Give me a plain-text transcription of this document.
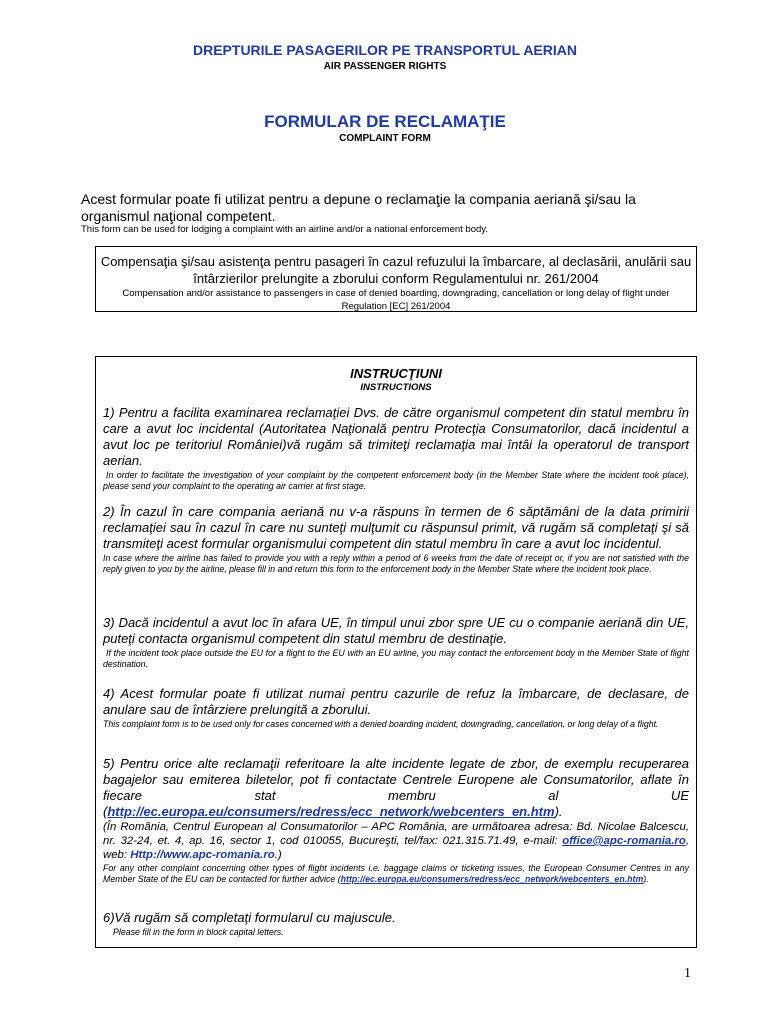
DREPTURILE PASAGERILOR PE TRANSPORTUL AERIAN
AIR PASSENGER RIGHTS
FORMULAR DE RECLAMAŢIE
COMPLAINT FORM
Acest formular poate fi utilizat pentru a depune o reclamaţie la compania aeriană şi/sau la organismul naţional competent.
This form can be used for lodging a complaint with an airline and/or a national enforcement body.
Compensaţia şi/sau asistenţa pentru pasageri în cazul refuzului la îmbarcare, al declasării, anulării sau întârzierilor prelungite a zborului conform Regulamentului nr. 261/2004
Compensation and/or assistance to passengers in case of denied boarding, downgrading, cancellation or long delay of flight under Regulation [EC] 261/2004
INSTRUCŢIUNI
INSTRUCTIONS
1) Pentru a facilita examinarea reclamaţiei Dvs. de către organismul competent din statul membru în care a avut loc incidental (Autoritatea Naţională pentru Protecţia Consumatorilor, dacă incidentul a avut loc pe teritoriul României)vă rugăm să trimiteţi reclamaţia mai întâi la operatorul de transport aerian.
In order to facilitate the investigation of your complaint by the competent enforcement body (in the Member State where the incident took place), please send your complaint to the operating air carrier at first stage.
2) În cazul în care compania aeriană nu v-a răspuns în termen de 6 săptămâni de la data primirii reclamaţiei sau în cazul în care nu sunteţi mulţumit cu răspunsul primit, vă rugăm să completaţi şi să transmiteţi acest formular organismului competent din statul membru în care a avut loc incidentul.
In case where the airline has failed to provide you with a reply within a period of 6 weeks from the date of receipt or, if you are not satisfied with the reply given to you by the airline, please fill in and return this form to the enforcement body in the Member State where the incident took place.
3) Dacă incidentul a avut loc în afara UE, în timpul unui zbor spre UE cu o companie aeriană din UE, puteţi contacta organismul competent din statul membru de destinaţie.
If the incident took place outside the EU for a flight to the EU with an EU airline, you may contact the enforcement body in the Member State of flight destination.
4) Acest formular poate fi utilizat numai pentru cazurile de refuz la îmbarcare, de declasare, de anulare sau de întârziere prelungită a zborului.
This complaint form is to be used only for cases concerned with a denied boarding incident, downgrading, cancellation, or long delay of a flight.
5) Pentru orice alte reclamaţii referitoare la alte incidente legate de zbor, de exemplu recuperarea bagajelor sau emiterea biletelor, pot fi contactate Centrele Europene ale Consumatorilor, aflate în fiecare stat membru al UE (http://ec.europa.eu/consumers/redress/ecc_network/webcenters_en.htm).
(În România, Centrul European al Consumatorilor – APC România, are următoarea adresa: Bd. Nicolae Balcescu, nr. 32-24, et. 4, ap. 16, sector 1, cod 010055, Bucureşti, tel/fax: 021.315.71.49, e-mail: office@apc-romania.ro, web: Http://www.apc-romania.ro.)
For any other complaint concerning other types of flight incidents i.e. baggage claims or ticketing issues, the European Consumer Centres in any Member State of the EU can be contacted for further advice (http://ec.europa.eu/consumers/redress/ecc_network/webcenters_en.htm).
6)Vă rugăm să completaţi formularul cu majuscule.
Please fill in the form in block capital letters.
1
